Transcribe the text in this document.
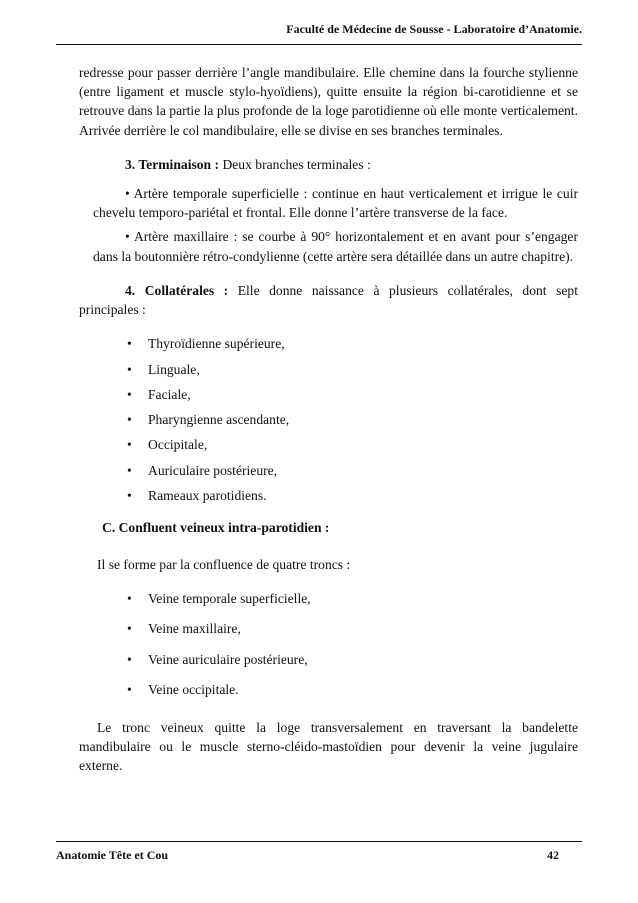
Faculté de Médecine de Sousse - Laboratoire d’Anatomie.

redresse pour passer derrière l’angle mandibulaire. Elle chemine dans la fourche stylienne (entre ligament et muscle stylo-hyoïdiens), quitte ensuite la région bi-carotidienne et se retrouve dans la partie la plus profonde de la loge parotidienne où elle monte verticalement. Arrivée derrière le col mandibulaire, elle se divise en ses branches terminales.

3. Terminaison : Deux branches terminales :

• Artère temporale superficielle : continue en haut verticalement et irrigue le cuir chevelu temporo-pariétal et frontal. Elle donne l’artère transverse de la face.

• Artère maxillaire : se courbe à 90° horizontalement et en avant pour s’engager dans la boutonnière rétro-condylienne (cette artère sera détaillée dans un autre chapitre).

4. Collatérales : Elle donne naissance à plusieurs collatérales, dont sept principales :

• Thyroïdienne supérieure,
• Linguale,
• Faciale,
• Pharyngienne ascendante,
• Occipitale,
• Auriculaire postérieure,
• Rameaux parotidiens.
C. Confluent veineux intra-parotidien :
Il se forme par la confluence de quatre troncs :
• Veine temporale superficielle,
• Veine maxillaire,
• Veine auriculaire postérieure,
• Veine occipitale.

Le tronc veineux quitte la loge transversalement en traversant la bandelette mandibulaire ou le muscle sterno-cléido-mastoïdien pour devenir la veine jugulaire externe.

Anatomie Tête et Cou	42
